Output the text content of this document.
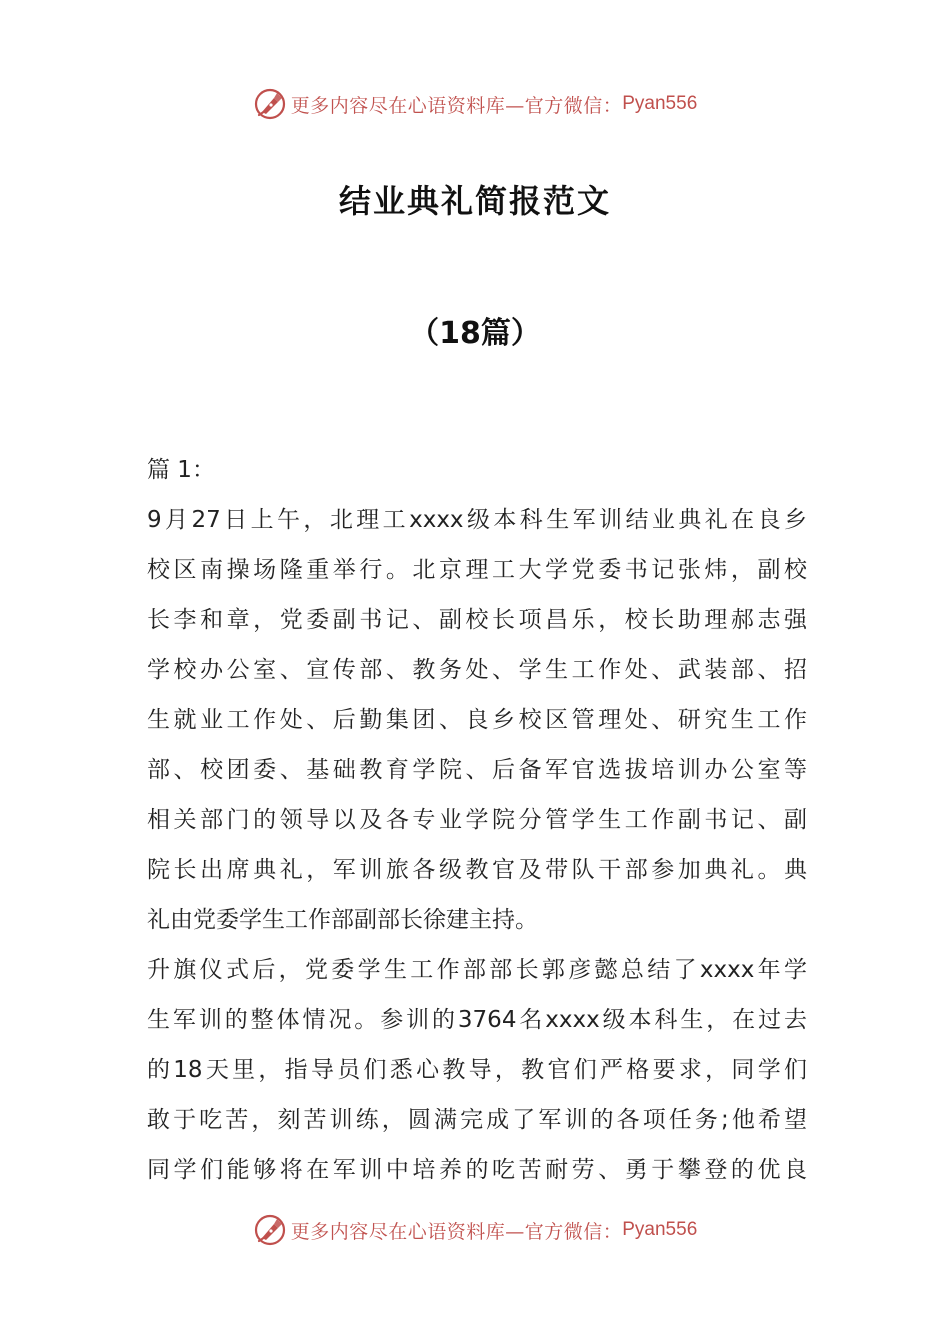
更多内容尽在心语资料库—官方微信： Pyan556
结业典礼简报范文
（18篇）
篇 1：
9月27日上午，北理工xxxx级本科生军训结业典礼在良乡
校区南操场隆重举行。北京理工大学党委书记张炜，副校
长李和章，党委副书记、副校长项昌乐，校长助理郝志强
学校办公室、宣传部、教务处、学生工作处、武装部、招
生就业工作处、后勤集团、良乡校区管理处、研究生工作
部、校团委、基础教育学院、后备军官选拔培训办公室等
相关部门的领导以及各专业学院分管学生工作副书记、副
院长出席典礼，军训旅各级教官及带队干部参加典礼。典
礼由党委学生工作部副部长徐建主持。
升旗仪式后，党委学生工作部部长郭彦懿总结了xxxx年学
生军训的整体情况。参训的3764名xxxx级本科生，在过去
的18天里，指导员们悉心教导，教官们严格要求，同学们
敢于吃苦，刻苦训练，圆满完成了军训的各项任务;他希望
同学们能够将在军训中培养的吃苦耐劳、勇于攀登的优良
更多内容尽在心语资料库—官方微信： Pyan556
